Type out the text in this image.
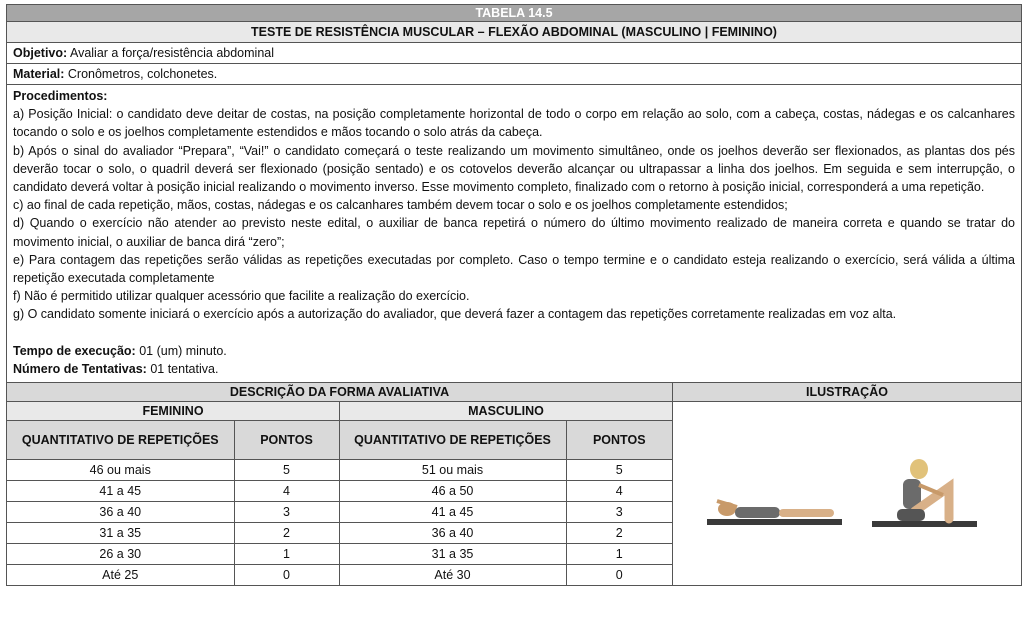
TABELA 14.5
TESTE DE RESISTÊNCIA MUSCULAR – FLEXÃO ABDOMINAL (MASCULINO | FEMININO)
Objetivo: Avaliar a força/resistência abdominal
Material: Cronômetros, colchonetes.

Procedimentos:

a) Posição Inicial: o candidato deve deitar de costas, na posição completamente horizontal de todo o corpo em relação ao solo, com a cabeça, costas, nádegas e os calcanhares tocando o solo e os joelhos completamente estendidos e mãos tocando o solo atrás da cabeça.

b) Após o sinal do avaliador “Prepara”, “Vai!” o candidato começará o teste realizando um movimento simultâneo, onde os joelhos deverão ser flexionados, as plantas dos pés deverão tocar o solo, o quadril deverá ser flexionado (posição sentado) e os cotovelos deverão alcançar ou ultrapassar a linha dos joelhos. Em seguida e sem interrupção, o candidato deverá voltar à posição inicial realizando o movimento inverso. Esse movimento completo, finalizado com o retorno à posição inicial, corresponderá a uma repetição.

c) ao final de cada repetição, mãos, costas, nádegas e os calcanhares também devem tocar o solo e os joelhos completamente estendidos;

d) Quando o exercício não atender ao previsto neste edital, o auxiliar de banca repetirá o número do último movimento realizado de maneira correta e quando se tratar do movimento inicial, o auxiliar de banca dirá “zero”;

e) Para contagem das repetições serão válidas as repetições executadas por completo. Caso o tempo termine e o candidato esteja realizando o exercício, será válida a última repetição executada completamente

f) Não é permitido utilizar qualquer acessório que facilite a realização do exercício.

g) O candidato somente iniciará o exercício após a autorização do avaliador, que deverá fazer a contagem das repetições corretamente realizadas em voz alta.

Tempo de execução: 01 (um) minuto.

Número de Tentativas: 01 tentativa.

DESCRIÇÃO DA FORMA AVALIATIVA
FEMININO	MASCULINO
QUANTITATIVO DE REPETIÇÕES	PONTOS	QUANTITATIVO DE REPETIÇÕES	PONTOS
46 ou mais	5	51 ou mais	5
41 a 45	4	46 a 50	4
36 a 40	3	41 a 45	3
31 a 35	2	36 a 40	2
26 a 30	1	31 a 35	1
Até 25	0	Até 30	0
ILUSTRAÇÃO
